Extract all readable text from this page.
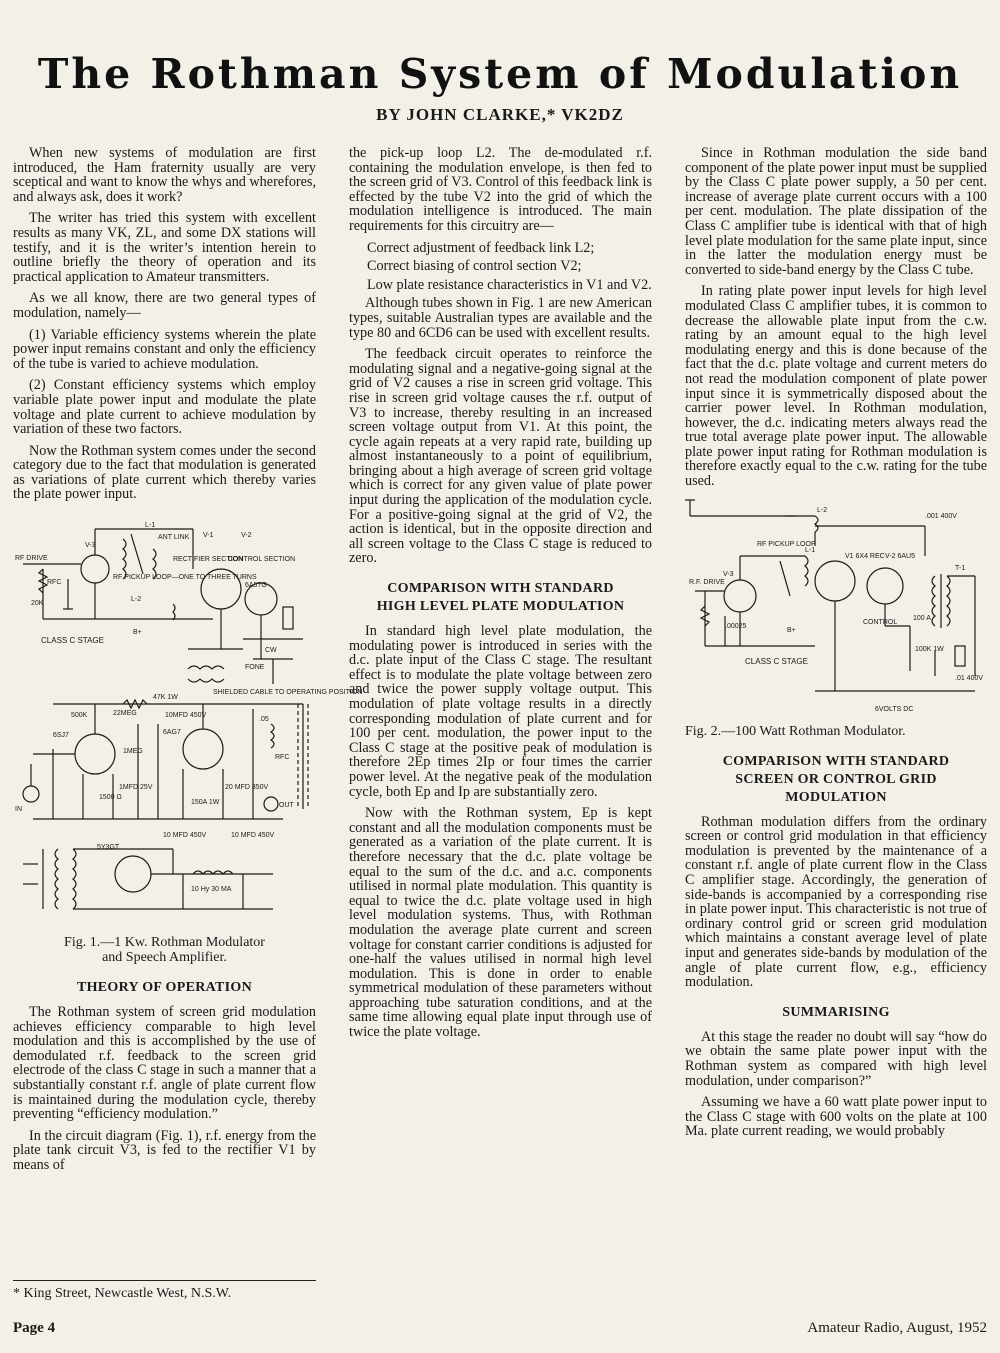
The Rothman System of Modulation
BY JOHN CLARKE,* VK2DZ

When new systems of modulation are first introduced, the Ham fraternity usually are very sceptical and want to know the whys and wherefores, and always ask, does it work?

The writer has tried this system with excellent results as many VK, ZL, and some DX stations will testify, and it is the writer’s intention herein to outline briefly the theory of operation and its practical application to Amateur transmitters.

As we all know, there are two general types of modulation, namely—

(1) Variable efficiency systems wherein the plate power input remains constant and only the efficiency of the tube is varied to achieve modulation.

(2) Constant efficiency systems which employ variable plate power input and modulate the plate voltage and plate current to achieve modulation by variation of these two factors.

Now the Rothman system comes under the second category due to the fact that modulation is generated as variations of plate current which thereby varies the plate power input.

V-3
L-1
ANT LINK V-1
RECTIFIER SECTION
V-2
CONTROL SECTION
RF DRIVE
RFC
RF PICKUP LOOP—ONE TO THREE TURNS
L-2
6A57G
20K
CLASS C STAGE
B+
CW
FONE
SHIELDED CABLE TO OPERATING POSITION
47K 1W
10MFD 450V
6SJ7	6AG7
500K	22MEG
1MEG
1MFD 25V	20 MFD 350V
OUT
IN
5Y3GT
10 MFD 450V	10 MFD 450V
10 Hy 30 MA
150A 1W
1500 Ω
.05
RFC
Fig. 1.—1 Kw. Rothman Modulator
and Speech Amplifier.
THEORY OF OPERATION

The Rothman system of screen grid modulation achieves efficiency comparable to high level modulation and this is accomplished by the use of demodulated r.f. feedback to the screen grid electrode of the class C stage in such a manner that a substantially constant r.f. angle of plate current flow is maintained during the modulation cycle, thereby preventing “efficiency modulation.”

In the circuit diagram (Fig. 1), r.f. energy from the plate tank circuit V3, is fed to the rectifier V1 by means of

the pick-up loop L2. The de-modulated r.f. containing the modulation envelope, is then fed to the screen grid of V3. Control of this feedback link is effected by the tube V2 into the grid of which the modulation intelligence is introduced. The main requirements for this circuitry are—

Correct adjustment of feedback link L2;

Correct biasing of control section V2;

Low plate resistance characteristics in V1 and V2.

Although tubes shown in Fig. 1 are new American types, suitable Australian types are available and the type 80 and 6CD6 can be used with excellent results.

The feedback circuit operates to reinforce the modulating signal and a negative-going signal at the grid of V2 causes a rise in screen grid voltage. This rise in screen grid voltage causes the r.f. output of V3 to increase, thereby resulting in an increased screen voltage output from V1. At this point, the cycle again repeats at a very rapid rate, building up almost instantaneously to a point of equilibrium, bringing about a high average of screen grid voltage which is correct for any given value of plate power input during the application of the modulation cycle. For a positive-going signal at the grid of V2, the action is identical, but in the opposite direction and all screen voltage to the Class C stage is reduced to zero.

COMPARISON WITH STANDARD
HIGH LEVEL PLATE MODULATION

In standard high level plate modulation, the modulating power is introduced in series with the d.c. plate input of the Class C stage. The resultant effect is to modulate the plate voltage between zero and twice the power supply voltage output. This modulation of plate voltage results in a directly corresponding modulation of plate current and for 100 per cent. modulation, the power input to the Class C stage at the positive peak of modulation is therefore 2Ep times 2Ip or four times the carrier power level. At the negative peak of the modulation cycle, both Ep and Ip are substantially zero.

Now with the Rothman system, Ep is kept constant and all the modulation components must be generated as a variation of the plate current. It is therefore necessary that the d.c. plate voltage be equal to the sum of the d.c. and a.c. components utilised in normal plate modulation. This quantity is equal to twice the d.c. plate voltage used in high level modulation systems. Thus, with Rothman modulation the average plate current and screen voltage for constant carrier conditions is adjusted for one-half the values utilised in normal high level modulation. This is done in order to enable symmetrical modulation of these parameters without approaching tube saturation conditions, and at the same time allowing equal plate input through use of twice the plate voltage.

Since in Rothman modulation the side band component of the plate power input must be supplied by the Class C plate power supply, a 50 per cent. increase of average plate current occurs with a 100 per cent. modulation. The plate dissipation of the Class C amplifier tube is identical with that of high level plate modulation for the same plate input, since in the latter the modulation energy must be converted to side-band energy by the Class C tube.

In rating plate power input levels for high level modulated Class C amplifier tubes, it is common to decrease the allowable plate input from the c.w. rating by an amount equal to the high level modulating energy and this is done because of the fact that the d.c. plate voltage and current meters do not read the modulation component of plate power input since it is symmetrically disposed about the carrier power level. In Rothman modulation, however, the d.c. indicating meters always read the true total average plate power input. The allowable plate power input rating for Rothman modulation is therefore exactly equal to the c.w. rating for the tube used.

L-2
RF PICKUP LOOP
.001 400V
V1 6X4 REC V-2 6AU5
CONTROL
V-3
L-1
R.F. DRIVE
.00025
B+
CLASS C STAGE
T-1
100 A
100K 1W
.01 400V
6VOLTS DC
Fig. 2.—100 Watt Rothman Modulator.
COMPARISON WITH STANDARD
SCREEN OR CONTROL GRID
MODULATION

Rothman modulation differs from the ordinary screen or control grid modulation in that efficiency modulation is prevented by the maintenance of a constant r.f. angle of plate current flow in the Class C amplifier stage. Accordingly, the generation of side-bands is accompanied by a corresponding rise in plate power input. This characteristic is not true of ordinary control grid or screen grid modulation which maintains a constant average level of plate input and generates side-bands by modulation of the angle of plate current flow, e.g., efficiency modulation.

SUMMARISING

At this stage the reader no doubt will say “how do we obtain the same plate power input with the Rothman system as compared with high level modulation, under comparison?”

Assuming we have a 60 watt plate power input to the Class C stage with 600 volts on the plate at 100 Ma. plate current reading, we would probably

* King Street, Newcastle West, N.S.W.
Page 4	Amateur Radio, August, 1952
